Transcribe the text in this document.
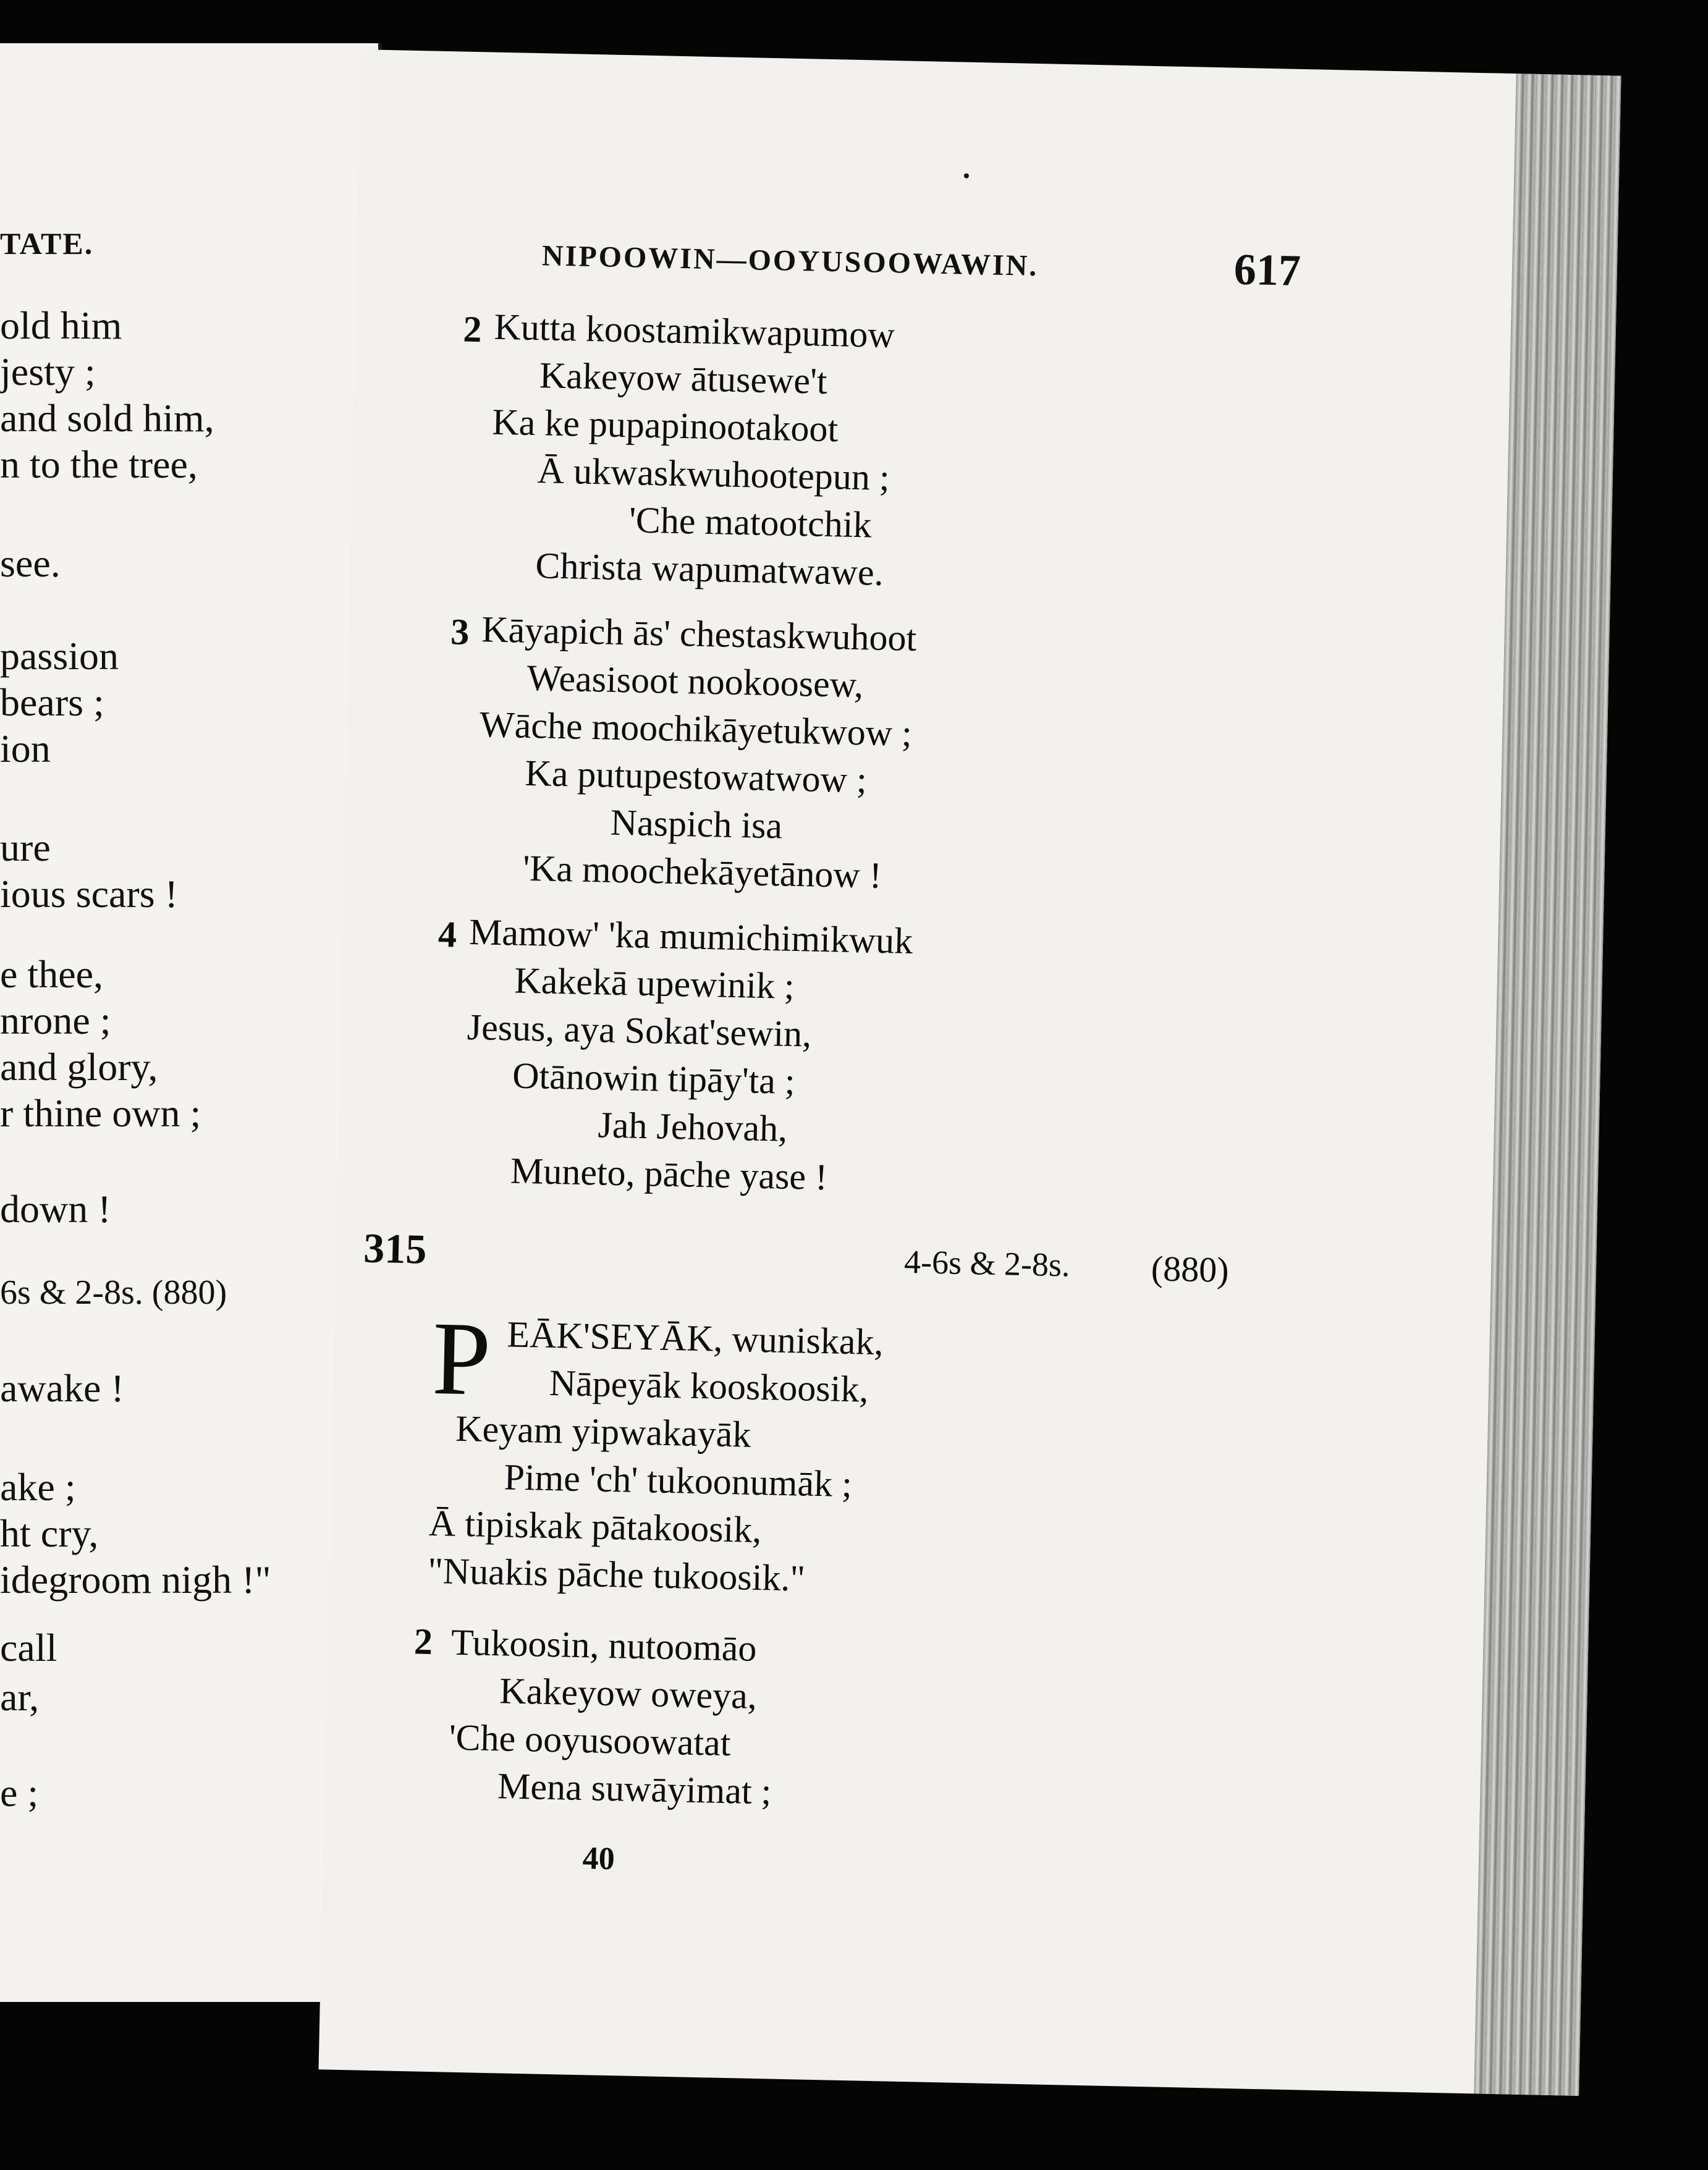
TATE.
old him
jesty ;
and sold him,
n to the tree,
see.
passion
bears ;
ion
ure
ious scars !
e thee,
nrone ;
and glory,
r thine own ;
down !
6s & 2-8s. (880)
awake !
ake ;
ht cry,
idegroom nigh !"
call
ar,
e ;
NIPOOWIN—OOYUSOOWAWIN.	617
2 Kutta koostamikwapumow
Kakeyow ātusewe't
Ka ke pupapinootakoot
Ā ukwaskwuhootepun ;
'Che matootchik
Christa wapumatwawe.
3 Kāyapich ās' chestaskwuhoot
Weasisoot nookoosew,
Wāche moochikāyetukwow ;
Ka putupestowatwow ;
Naspich isa
'Ka moochekāyetānow !
4 Mamow' 'ka mumichimikwuk
Kakekā upewinik ;
Jesus, aya Sokat'sewin,
Otānowin tipāy'ta ;
Jah Jehovah,
Muneto, pāche yase !
315	4-6s & 2-8s. (880)
P EĀK'SEYĀK, wuniskak,
Nāpeyāk kooskoosik,
Keyam yipwakayāk
Pime 'ch' tukoonumāk ;
Ā tipiskak pātakoosik,
"Nuakis pāche tukoosik."
2 Tukoosin, nutoomāo
Kakeyow oweya,
'Che ooyusoowatat
Mena suwāyimat ;
40
